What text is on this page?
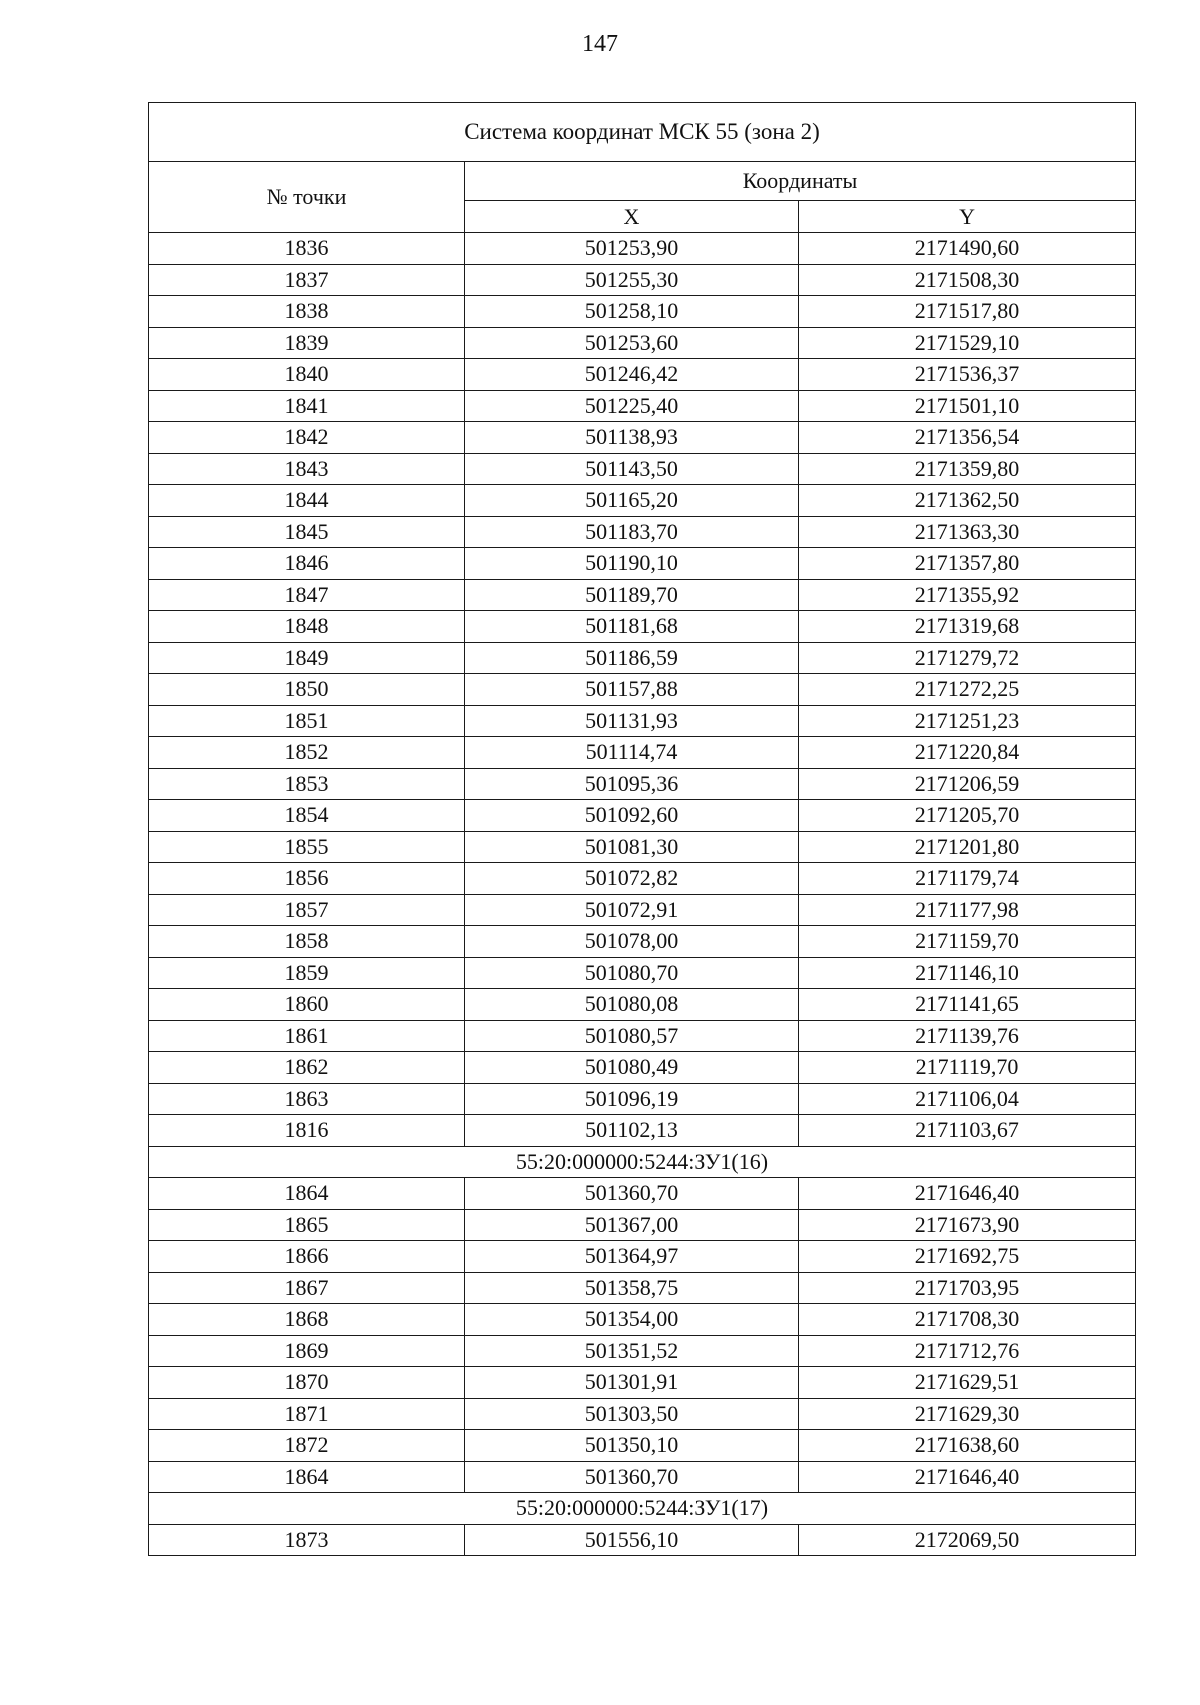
147
Система координат МСК 55 (зона 2)		
№ точки	Координаты	
	X	Y
1836	501253,90	2171490,60
1837	501255,30	2171508,30
1838	501258,10	2171517,80
1839	501253,60	2171529,10
1840	501246,42	2171536,37
1841	501225,40	2171501,10
1842	501138,93	2171356,54
1843	501143,50	2171359,80
1844	501165,20	2171362,50
1845	501183,70	2171363,30
1846	501190,10	2171357,80
1847	501189,70	2171355,92
1848	501181,68	2171319,68
1849	501186,59	2171279,72
1850	501157,88	2171272,25
1851	501131,93	2171251,23
1852	501114,74	2171220,84
1853	501095,36	2171206,59
1854	501092,60	2171205,70
1855	501081,30	2171201,80
1856	501072,82	2171179,74
1857	501072,91	2171177,98
1858	501078,00	2171159,70
1859	501080,70	2171146,10
1860	501080,08	2171141,65
1861	501080,57	2171139,76
1862	501080,49	2171119,70
1863	501096,19	2171106,04
1816	501102,13	2171103,67
55:20:000000:5244:ЗУ1(16)		
1864	501360,70	2171646,40
1865	501367,00	2171673,90
1866	501364,97	2171692,75
1867	501358,75	2171703,95
1868	501354,00	2171708,30
1869	501351,52	2171712,76
1870	501301,91	2171629,51
1871	501303,50	2171629,30
1872	501350,10	2171638,60
1864	501360,70	2171646,40
55:20:000000:5244:ЗУ1(17)		
1873	501556,10	2172069,50
